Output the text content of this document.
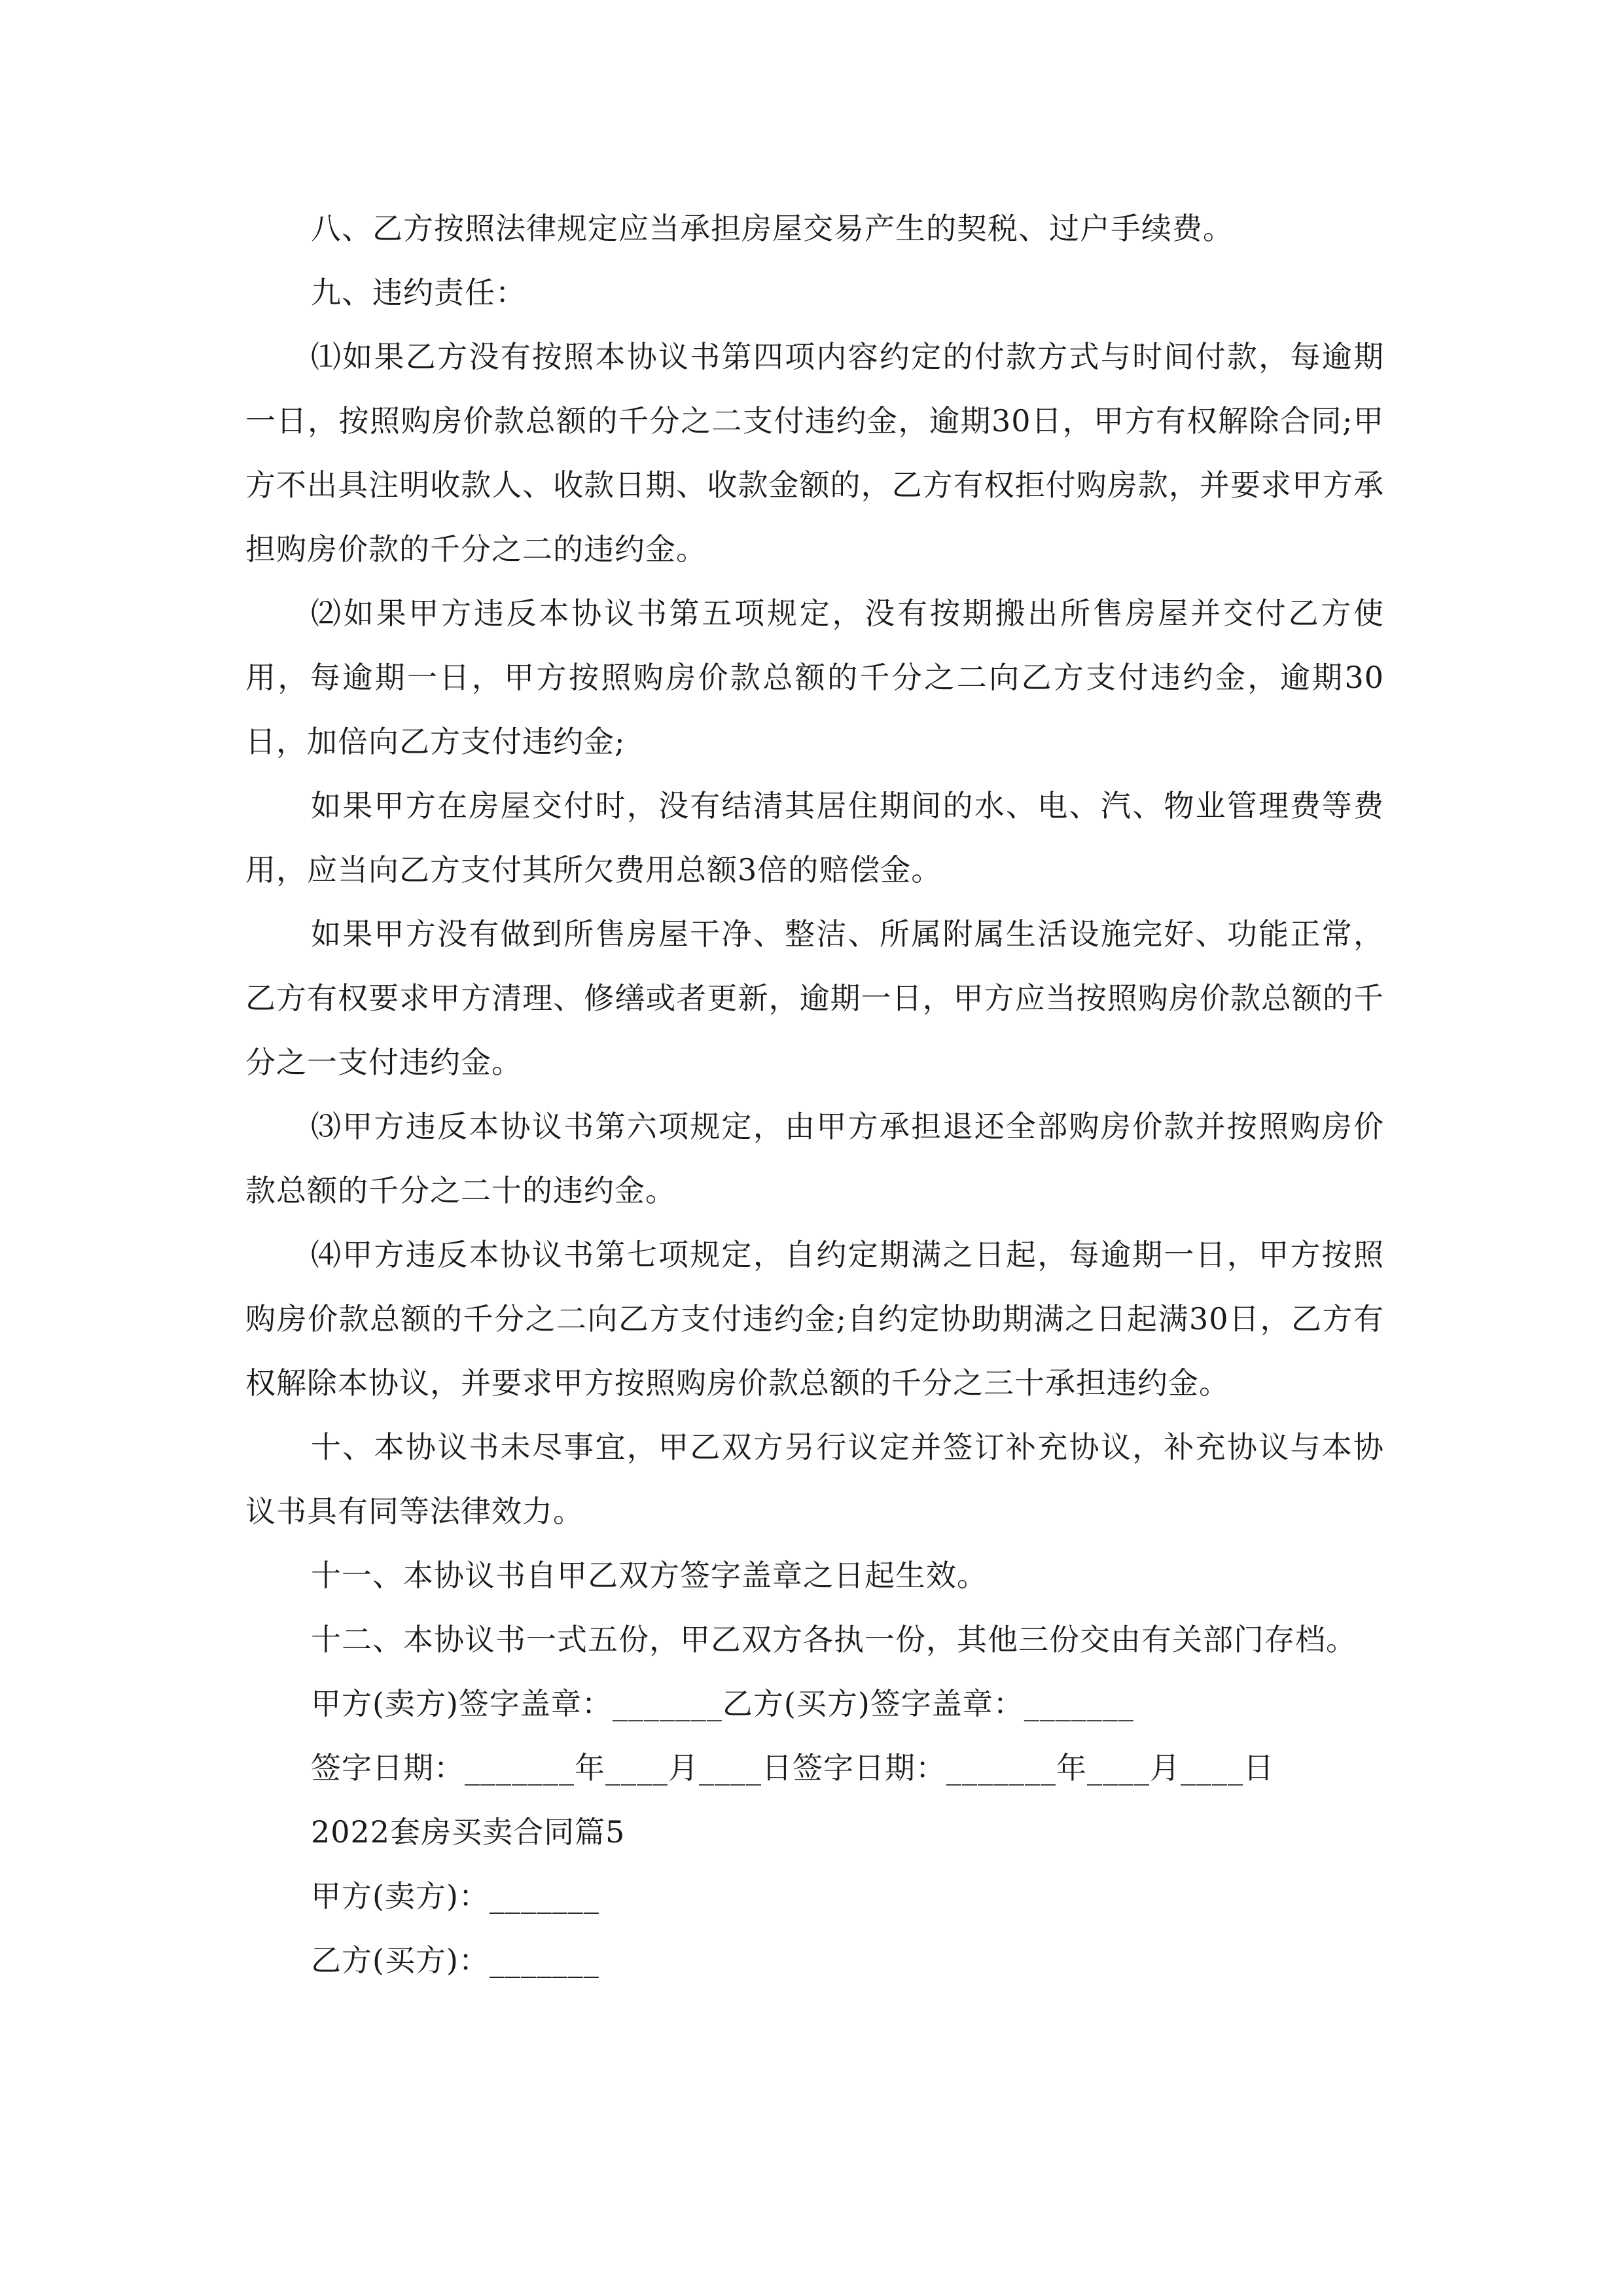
八、乙方按照法律规定应当承担房屋交易产生的契税、过户手续费。

九、违约责任：

⑴如果乙方没有按照本协议书第四项内容约定的付款方式与时间付款，每逾期一日，按照购房价款总额的千分之二支付违约金，逾期30日，甲方有权解除合同;甲方不出具注明收款人、收款日期、收款金额的，乙方有权拒付购房款，并要求甲方承担购房价款的千分之二的违约金。

⑵如果甲方违反本协议书第五项规定，没有按期搬出所售房屋并交付乙方使用，每逾期一日，甲方按照购房价款总额的千分之二向乙方支付违约金，逾期30日，加倍向乙方支付违约金;

如果甲方在房屋交付时，没有结清其居住期间的水、电、汽、物业管理费等费用，应当向乙方支付其所欠费用总额3倍的赔偿金。

如果甲方没有做到所售房屋干净、整洁、所属附属生活设施完好、功能正常，乙方有权要求甲方清理、修缮或者更新，逾期一日，甲方应当按照购房价款总额的千分之一支付违约金。

⑶甲方违反本协议书第六项规定，由甲方承担退还全部购房价款并按照购房价款总额的千分之二十的违约金。

⑷甲方违反本协议书第七项规定，自约定期满之日起，每逾期一日，甲方按照购房价款总额的千分之二向乙方支付违约金;自约定协助期满之日起满30日，乙方有权解除本协议，并要求甲方按照购房价款总额的千分之三十承担违约金。

十、本协议书未尽事宜，甲乙双方另行议定并签订补充协议，补充协议与本协议书具有同等法律效力。

十一、本协议书自甲乙双方签字盖章之日起生效。

十二、本协议书一式五份，甲乙双方各执一份，其他三份交由有关部门存档。

甲方(卖方)签字盖章：_______乙方(买方)签字盖章：_______

签字日期：_______年____月____日签字日期：_______年____月____日

2022套房买卖合同篇5

甲方(卖方)：_______

乙方(买方)：_______
